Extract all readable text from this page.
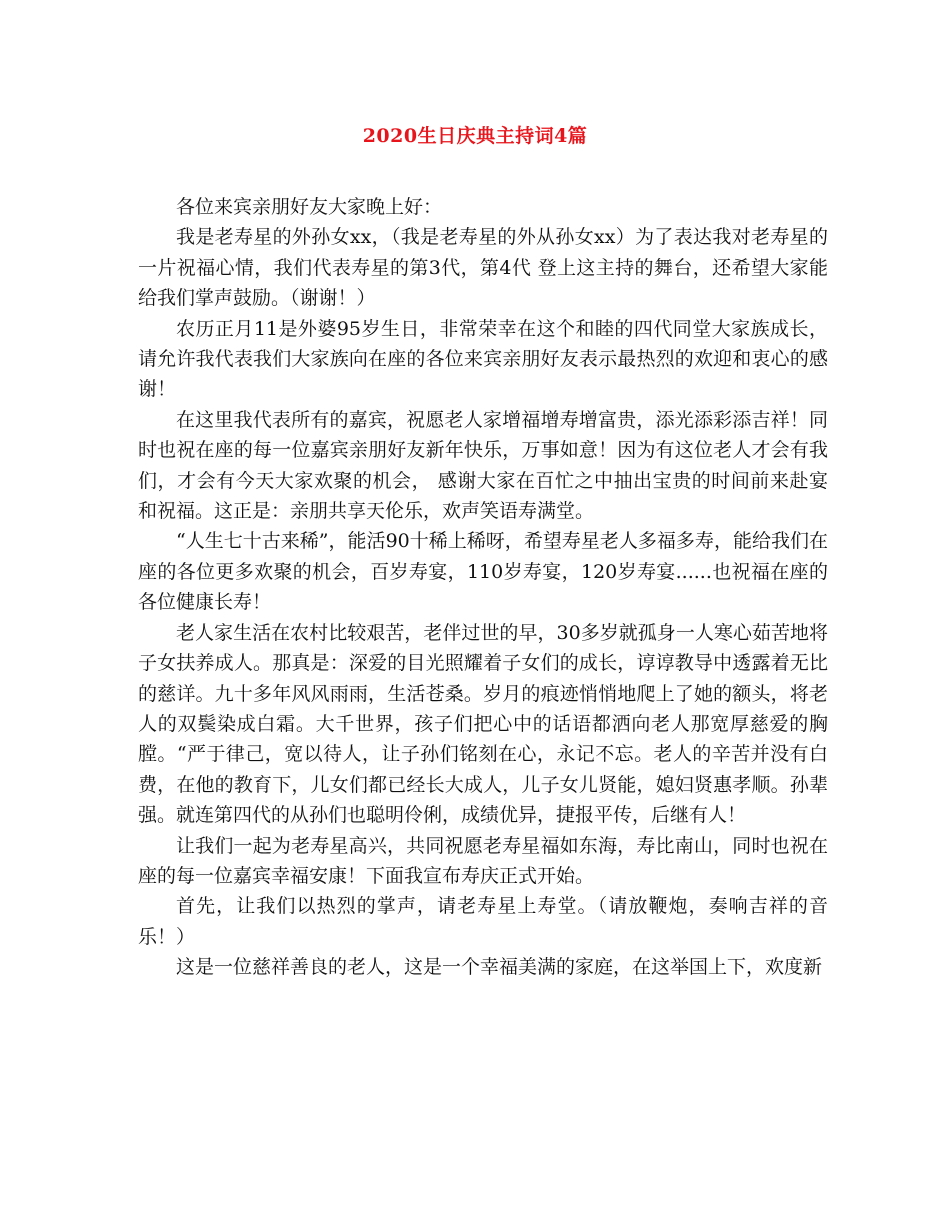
2020生日庆典主持词4篇

各位来宾亲朋好友大家晚上好：

我是老寿星的外孙女xx，（我是老寿星的外从孙女xx）为了表达我对老寿星的一片祝福心情，我们代表寿星的第3代，第4代 登上这主持的舞台，还希望大家能给我们掌声鼓励。（谢谢！）

农历正月11是外婆95岁生日，非常荣幸在这个和睦的四代同堂大家族成长，请允许我代表我们大家族向在座的各位来宾亲朋好友表示最热烈的欢迎和衷心的感谢！

在这里我代表所有的嘉宾，祝愿老人家增福增寿增富贵，添光添彩添吉祥！同时也祝在座的每一位嘉宾亲朋好友新年快乐，万事如意！因为有这位老人才会有我们，才会有今天大家欢聚的机会， 感谢大家在百忙之中抽出宝贵的时间前来赴宴和祝福。这正是：亲朋共享天伦乐，欢声笑语寿满堂。

“人生七十古来稀”，能活90十稀上稀呀，希望寿星老人多福多寿，能给我们在座的各位更多欢聚的机会，百岁寿宴，110岁寿宴，120岁寿宴......也祝福在座的各位健康长寿！

老人家生活在农村比较艰苦，老伴过世的早，30多岁就孤身一人寒心茹苦地将子女扶养成人。那真是：深爱的目光照耀着子女们的成长，谆谆教导中透露着无比的慈详。九十多年风风雨雨，生活苍桑。岁月的痕迹悄悄地爬上了她的额头，将老人的双鬓染成白霜。大千世界，孩子们把心中的话语都洒向老人那宽厚慈爱的胸膛。“严于律己，宽以待人，让子孙们铭刻在心，永记不忘。老人的辛苦并没有白费，在他的教育下，儿女们都已经长大成人，儿子女儿贤能，媳妇贤惠孝顺。孙辈强。就连第四代的从孙们也聪明伶俐，成绩优异，捷报平传，后继有人！

让我们一起为老寿星高兴，共同祝愿老寿星福如东海，寿比南山，同时也祝在座的每一位嘉宾幸福安康！下面我宣布寿庆正式开始。

首先，让我们以热烈的掌声，请老寿星上寿堂。（请放鞭炮，奏响吉祥的音乐！）

这是一位慈祥善良的老人，这是一个幸福美满的家庭，在这举国上下，欢度新
